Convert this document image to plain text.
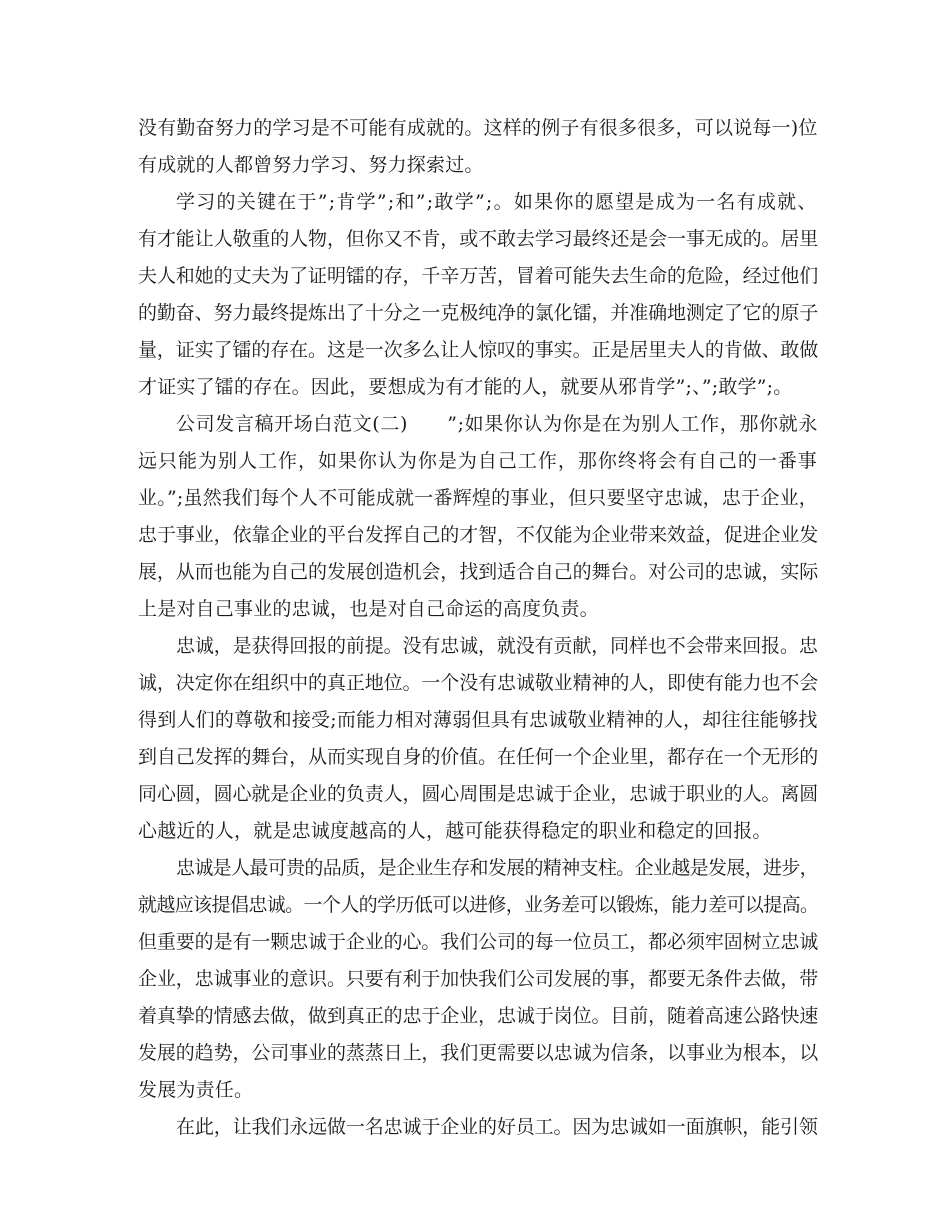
没有勤奋努力的学习是不可能有成就的。这样的例子有很多很多，可以说每一)位
有成就的人都曾努力学习、努力探索过。
学习的关键在于”;肯学”;和”;敢学”;。如果你的愿望是成为一名有成就、
有才能让人敬重的人物，但你又不肯，或不敢去学习最终还是会一事无成的。居里
夫人和她的丈夫为了证明镭的存，千辛万苦，冒着可能失去生命的危险，经过他们
的勤奋、努力最终提炼出了十分之一克极纯净的氯化镭，并准确地测定了它的原子
量，证实了镭的存在。这是一次多么让人惊叹的事实。正是居里夫人的肯做、敢做
才证实了镭的存在。因此，要想成为有才能的人，就要从邪肯学”;、”;敢学”;。
公司发言稿开场白范文(二)　　”;如果你认为你是在为别人工作，那你就永
远只能为别人工作，如果你认为你是为自己工作，那你终将会有自己的一番事
业。”;虽然我们每个人不可能成就一番辉煌的事业，但只要坚守忠诚，忠于企业，
忠于事业，依靠企业的平台发挥自己的才智，不仅能为企业带来效益，促进企业发
展，从而也能为自己的发展创造机会，找到适合自己的舞台。对公司的忠诚，实际
上是对自己事业的忠诚，也是对自己命运的高度负责。
忠诚，是获得回报的前提。没有忠诚，就没有贡献，同样也不会带来回报。忠
诚，决定你在组织中的真正地位。一个没有忠诚敬业精神的人，即使有能力也不会
得到人们的尊敬和接受;而能力相对薄弱但具有忠诚敬业精神的人，却往往能够找
到自己发挥的舞台，从而实现自身的价值。在任何一个企业里，都存在一个无形的
同心圆，圆心就是企业的负责人，圆心周围是忠诚于企业，忠诚于职业的人。离圆
心越近的人，就是忠诚度越高的人，越可能获得稳定的职业和稳定的回报。
忠诚是人最可贵的品质，是企业生存和发展的精神支柱。企业越是发展，进步，
就越应该提倡忠诚。一个人的学历低可以进修，业务差可以锻炼，能力差可以提高。
但重要的是有一颗忠诚于企业的心。我们公司的每一位员工，都必须牢固树立忠诚
企业，忠诚事业的意识。只要有利于加快我们公司发展的事，都要无条件去做，带
着真挚的情感去做，做到真正的忠于企业，忠诚于岗位。目前，随着高速公路快速
发展的趋势，公司事业的蒸蒸日上，我们更需要以忠诚为信条，以事业为根本，以
发展为责任。
在此，让我们永远做一名忠诚于企业的好员工。因为忠诚如一面旗帜，能引领
